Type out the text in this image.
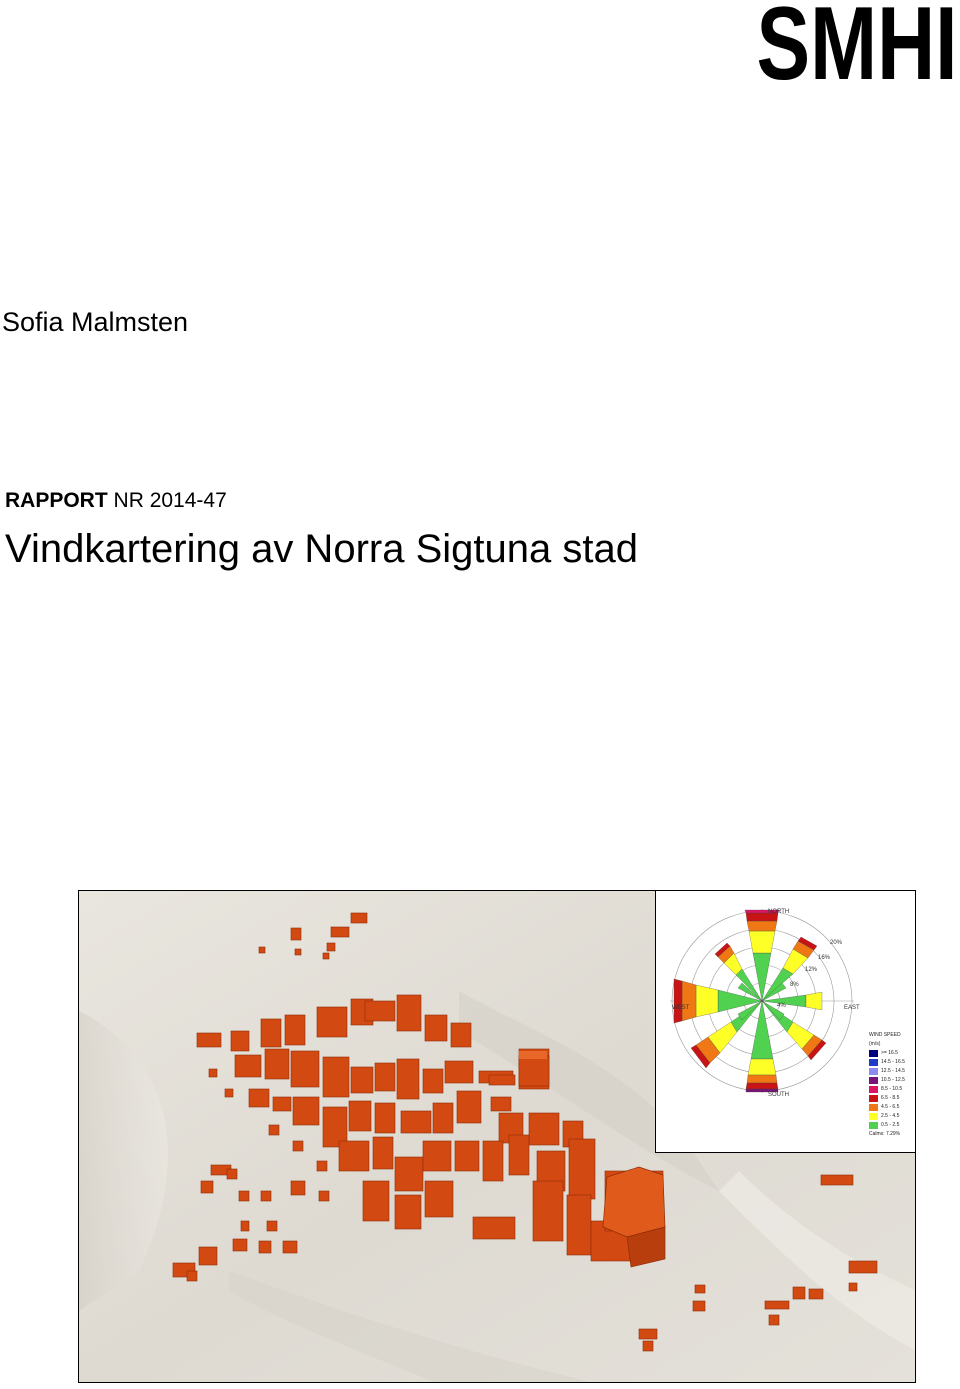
SMHI
Sofia Malmsten
RAPPORT NR 2014-47
Vindkartering av Norra Sigtuna stad
NORTH
SOUTH
EAST
WEST	4%
8%
12%
16%
20%
WIND SPEED
(m/s)
>= 16.5
14.5 - 16.5
12.5 - 14.5
10.5 - 12.5
8.5 - 10.5
6.5 - 8.5
4.5 - 6.5
2.5 - 4.5
0.5 - 2.5
Calms: 7.29%
